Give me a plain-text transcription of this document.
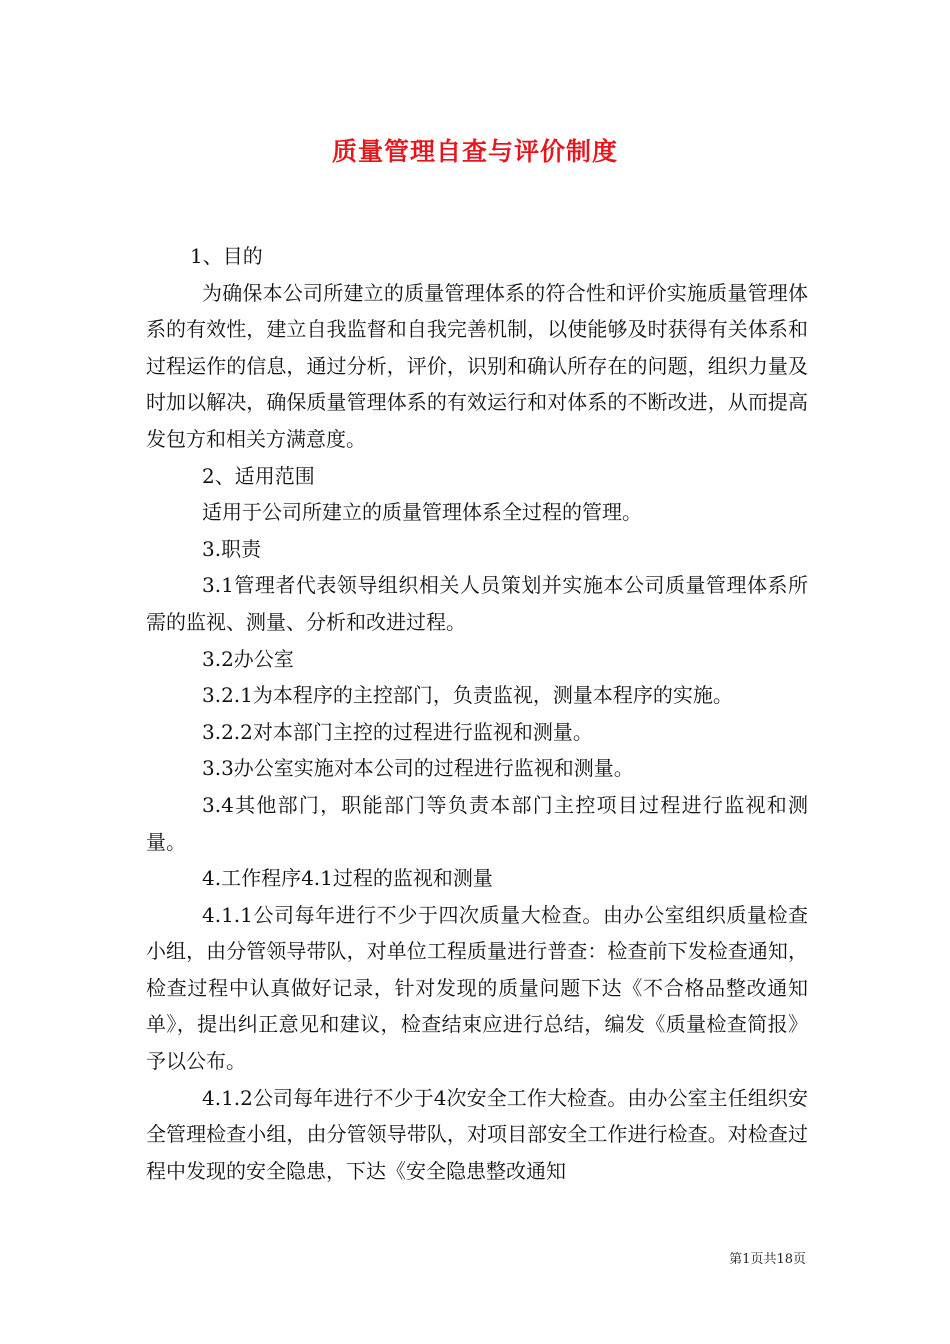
质量管理自查与评价制度

1、目的

为确保本公司所建立的质量管理体系的符合性和评价实施质量管理体系的有效性，建立自我监督和自我完善机制，以使能够及时获得有关体系和过程运作的信息，通过分析，评价，识别和确认所存在的问题，组织力量及时加以解决，确保质量管理体系的有效运行和对体系的不断改进，从而提高发包方和相关方满意度。

2、适用范围

适用于公司所建立的质量管理体系全过程的管理。

3.职责

3.1管理者代表领导组织相关人员策划并实施本公司质量管理体系所需的监视、测量、分析和改进过程。

3.2办公室

3.2.1为本程序的主控部门，负责监视，测量本程序的实施。

3.2.2对本部门主控的过程进行监视和测量。

3.3办公室实施对本公司的过程进行监视和测量。

3.4其他部门，职能部门等负责本部门主控项目过程进行监视和测量。

4.工作程序4.1过程的监视和测量

4.1.1公司每年进行不少于四次质量大检查。由办公室组织质量检查小组，由分管领导带队，对单位工程质量进行普查：检查前下发检查通知，检查过程中认真做好记录，针对发现的质量问题下达《不合格品整改通知单》，提出纠正意见和建议，检查结束应进行总结，编发《质量检查简报》予以公布。

4.1.2公司每年进行不少于4次安全工作大检查。由办公室主任组织安全管理检查小组，由分管领导带队，对项目部安全工作进行检查。对检查过程中发现的安全隐患，下达《安全隐患整改通知

第1页共18页
